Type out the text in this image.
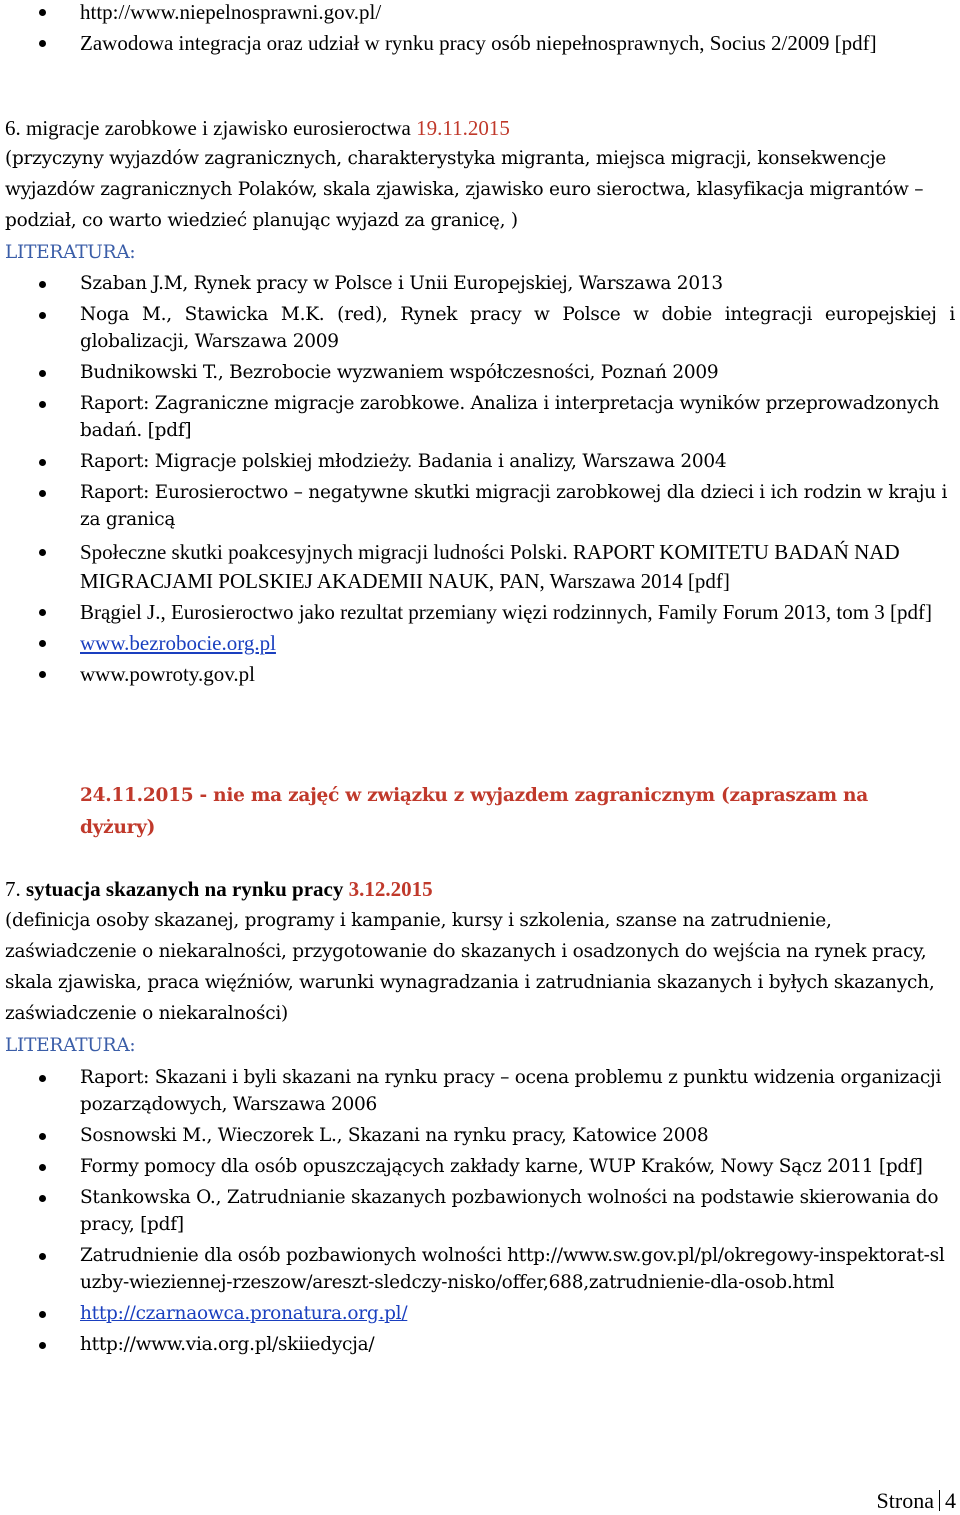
http://www.niepelnosprawni.gov.pl/
Zawodowa integracja oraz udział w rynku pracy osób niepełnosprawnych, Socius 2/2009 [pdf]
6. migracje zarobkowe i zjawisko eurosieroctwa 19.11.2015
(przyczyny wyjazdów zagranicznych, charakterystyka migranta, miejsca migracji, konsekwencje wyjazdów zagranicznych Polaków, skala zjawiska, zjawisko euro sieroctwa, klasyfikacja migrantów – podział, co warto wiedzieć planując wyjazd za granicę, )
LITERATURA:
Szaban J.M, Rynek pracy w Polsce i Unii Europejskiej, Warszawa 2013
Noga M., Stawicka M.K. (red), Rynek pracy w Polsce w dobie integracji europejskiej i globalizacji, Warszawa 2009
Budnikowski T., Bezrobocie wyzwaniem współczesności, Poznań 2009
Raport: Zagraniczne migracje zarobkowe. Analiza i interpretacja wyników przeprowadzonych badań. [pdf]
Raport: Migracje polskiej młodzieży. Badania i analizy, Warszawa 2004
Raport: Eurosieroctwo – negatywne skutki migracji zarobkowej dla dzieci i ich rodzin w kraju i za granicą
Społeczne skutki poakcesyjnych migracji ludności Polski. RAPORT KOMITETU BADAŃ NAD MIGRACJAMI POLSKIEJ AKADEMII NAUK, PAN, Warszawa 2014 [pdf]
Brągiel J., Eurosieroctwo jako rezultat przemiany więzi rodzinnych, Family Forum 2013, tom 3 [pdf]
www.bezrobocie.org.pl
www.powroty.gov.pl
24.11.2015 - nie ma zajęć w związku z wyjazdem zagranicznym (zapraszam na dyżury)
7. sytuacja skazanych na rynku pracy 3.12.2015
(definicja osoby skazanej, programy i kampanie, kursy i szkolenia, szanse na zatrudnienie, zaświadczenie o niekaralności, przygotowanie do skazanych i osadzonych do wejścia na rynek pracy, skala zjawiska, praca więźniów, warunki wynagradzania i zatrudniania skazanych i byłych skazanych, zaświadczenie o niekaralności)
LITERATURA:
Raport: Skazani i byli skazani na rynku pracy – ocena problemu z punktu widzenia organizacji pozarządowych, Warszawa 2006
Sosnowski M., Wieczorek L., Skazani na rynku pracy, Katowice 2008
Formy pomocy dla osób opuszczających zakłady karne, WUP Kraków, Nowy Sącz 2011 [pdf]
Stankowska O., Zatrudnianie skazanych pozbawionych wolności na podstawie skierowania do pracy, [pdf]
Zatrudnienie dla osób pozbawionych wolności http://www.sw.gov.pl/pl/okregowy-inspektorat-sluzby-wieziennej-rzeszow/areszt-sledczy-nisko/offer,688,zatrudnienie-dla-osob.html
http://czarnaowca.pronatura.org.pl/
http://www.via.org.pl/skiiedycja/
Strona 4
